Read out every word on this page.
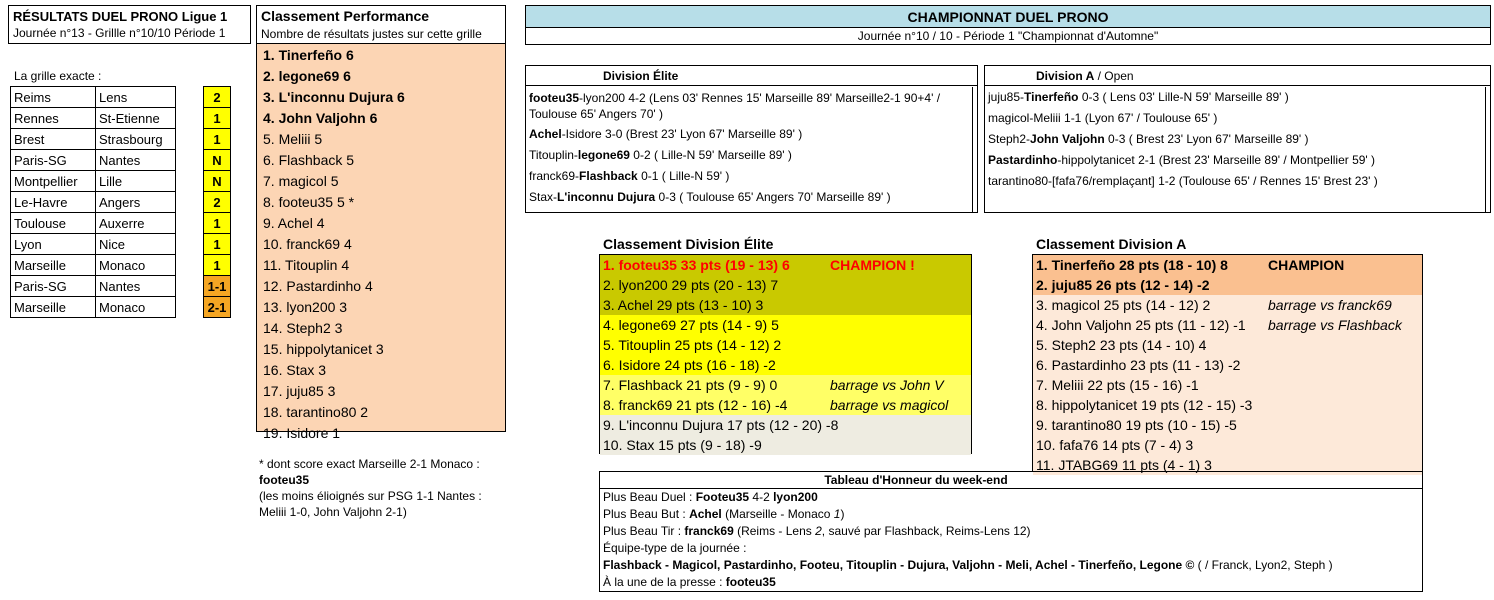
RÉSULTATS DUEL PRONO Ligue 1
Journée n°13 - Grillle n°10/10 Période 1
La grille exacte :
Reims	Lens		2
Rennes	St-Etienne		1
Brest	Strasbourg		1
Paris-SG	Nantes		N
Montpellier	Lille		N
Le-Havre	Angers		2
Toulouse	Auxerre		1
Lyon	Nice		1
Marseille	Monaco		1
Paris-SG	Nantes		1-1
Marseille	Monaco		2-1
Classement Performance
Nombre de résultats justes sur cette grille
1. Tinerfeño 6
2. legone69 6
3. L'inconnu Dujura 6
4. John Valjohn 6
5. Meliii 5
6. Flashback 5
7. magicol 5
8. footeu35 5 *
9. Achel 4
10. franck69 4
11. Titouplin 4
12. Pastardinho 4
13. lyon200 3
14. Steph2 3
15. hippolytanicet 3
16. Stax 3
17. juju85 3
18. tarantino80 2
19. Isidore 1
* dont score exact Marseille 2-1 Monaco :
footeu35
(les moins élioignés sur PSG 1-1 Nantes :
Meliii 1-0, John Valjohn 2-1)
CHAMPIONNAT DUEL PRONO
Journée n°10 / 10 - Période 1 "Championnat d'Automne"
Division Élite
footeu35-lyon200 4-2 (Lens 03' Rennes 15' Marseille 89' Marseille2-1 90+4' / Toulouse 65' Angers 70' )
Achel-Isidore 3-0 (Brest 23' Lyon 67' Marseille 89' )
Titouplin-legone69 0-2 ( Lille-N 59' Marseille 89' )
franck69-Flashback 0-1 ( Lille-N 59' )
Stax-L'inconnu Dujura 0-3 ( Toulouse 65' Angers 70' Marseille 89' )
Division A / Open
juju85-Tinerfeño 0-3 ( Lens 03' Lille-N 59' Marseille 89' )
magicol-Meliii 1-1 (Lyon 67' / Toulouse 65' )
Steph2-John Valjohn 0-3 ( Brest 23' Lyon 67' Marseille 89' )
Pastardinho-hippolytanicet 2-1 (Brest 23' Marseille 89' / Montpellier 59' )
tarantino80-[fafa76/remplaçant] 1-2 (Toulouse 65' / Rennes 15' Brest 23' )
Classement Division Élite	Classement Division A
1. footeu35 33 pts (19 - 13) 6	CHAMPION !
2. lyon200 29 pts (20 - 13) 7
3. Achel 29 pts (13 - 10) 3
4. legone69 27 pts (14 - 9) 5
5. Titouplin 25 pts (14 - 12) 2
6. Isidore 24 pts (16 - 18) -2
7. Flashback 21 pts (9 - 9) 0	barrage vs John V
8. franck69 21 pts (12 - 16) -4	barrage vs magicol
9. L'inconnu Dujura 17 pts (12 - 20) -8
10. Stax 15 pts (9 - 18) -9
1. Tinerfeño 28 pts (18 - 10) 8	CHAMPION
2. juju85 26 pts (12 - 14) -2
3. magicol 25 pts (14 - 12) 2	barrage vs franck69
4. John Valjohn 25 pts (11 - 12) -1 barrage vs Flashback
5. Steph2 23 pts (14 - 10) 4
6. Pastardinho 23 pts (11 - 13) -2
7. Meliii 22 pts (15 - 16) -1
8. hippolytanicet 19 pts (12 - 15) -3
9. tarantino80 19 pts (10 - 15) -5
10. fafa76 14 pts (7 - 4) 3
11. JTABG69 11 pts (4 - 1) 3
Tableau d'Honneur du week-end
Plus Beau Duel : Footeu35 4-2 lyon200
Plus Beau But : Achel (Marseille - Monaco 1)
Plus Beau Tir : franck69 (Reims - Lens 2, sauvé par Flashback, Reims-Lens 12)
Équipe-type de la journée :
Flashback - Magicol, Pastardinho, Footeu, Titouplin - Dujura, Valjohn - Meli, Achel - Tinerfeño, Legone © ( / Franck, Lyon2, Steph )
À la une de la presse : footeu35
